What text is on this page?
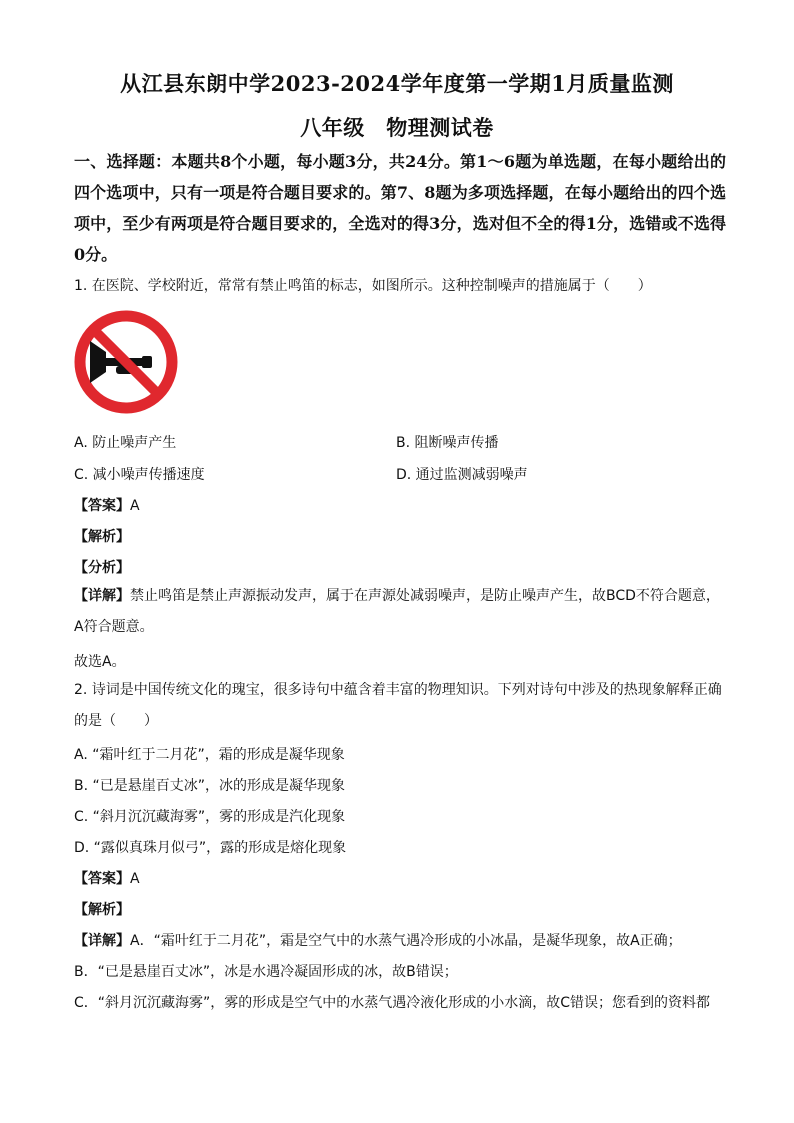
从江县东朗中学2023-2024学年度第一学期1月质量监测
八年级　物理测试卷
一、选择题：本题共8个小题，每小题3分，共24分。第1～6题为单选题，在每小题给出的四个选项中，只有一项是符合题目要求的。第7、8题为多项选择题，在每小题给出的四个选项中，至少有两项是符合题目要求的，全选对的得3分，选对但不全的得1分，选错或不选得0分。
1. 在医院、学校附近，常常有禁止鸣笛的标志，如图所示。这种控制噪声的措施属于（　　）
A. 防止噪声产生	B. 阻断噪声传播
C. 减小噪声传播速度	D. 通过监测减弱噪声
【答案】A
【解析】
【分析】
【详解】禁止鸣笛是禁止声源振动发声，属于在声源处减弱噪声，是防止噪声产生，故BCD不符合题意，A符合题意。
故选A。
2. 诗词是中国传统文化的瑰宝，很多诗句中蕴含着丰富的物理知识。下列对诗句中涉及的热现象解释正确的是（　　）
A. “霜叶红于二月花”，霜的形成是凝华现象
B. “已是悬崖百丈冰”，冰的形成是凝华现象
C. “斜月沉沉藏海雾”，雾的形成是汽化现象
D. “露似真珠月似弓”，露的形成是熔化现象
【答案】A
【解析】
【详解】A．“霜叶红于二月花”，霜是空气中的水蒸气遇冷形成的小冰晶，是凝华现象，故A正确；
B．“已是悬崖百丈冰”，冰是水遇冷凝固形成的冰，故B错误；
C．“斜月沉沉藏海雾”，雾的形成是空气中的水蒸气遇冷液化形成的小水滴，故C错误；您看到的资料都
